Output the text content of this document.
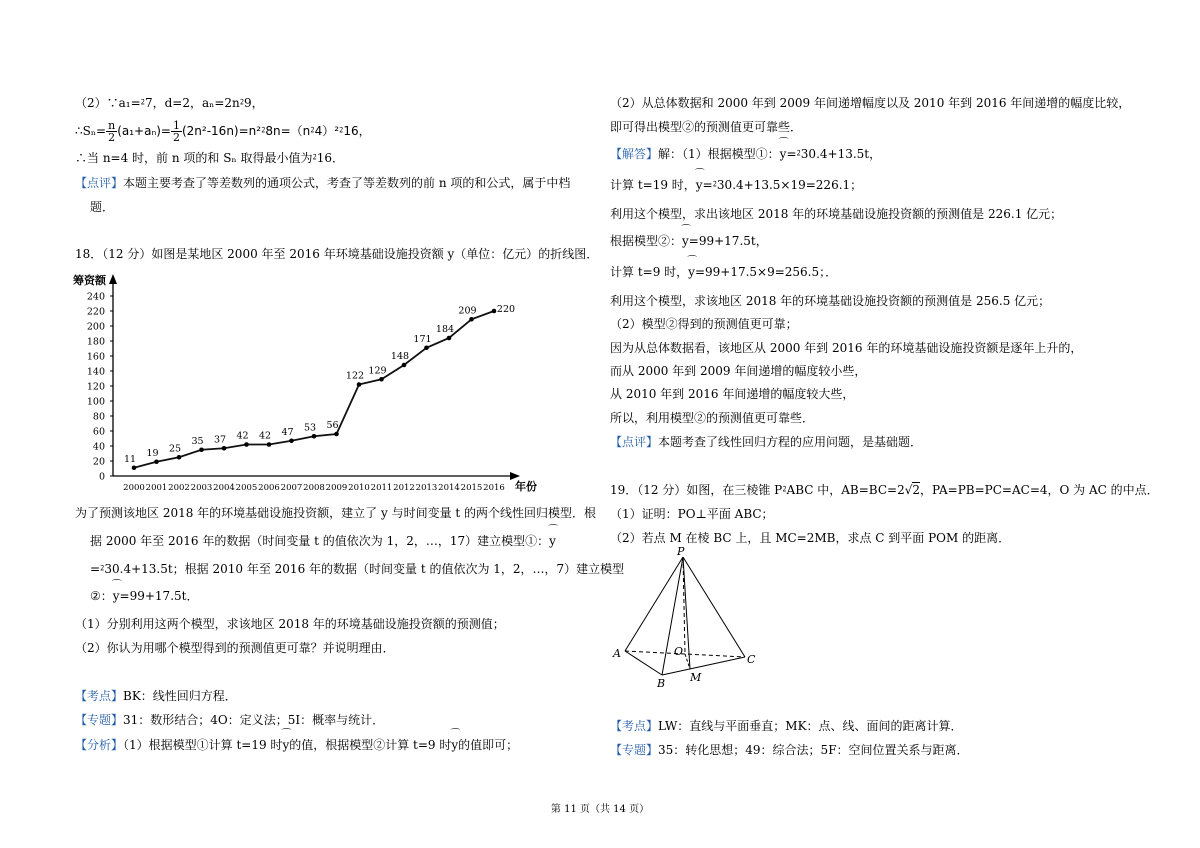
（2）∵a₁=⁲7，d=2，aₙ=2n⁲9，
∴Sₙ= $\frac{n}{2} (a_1+a_n)= \frac{1}{2}$ (2n²-16n)=n²⁲8n=（n⁲4）²⁲16，
∴当 n=4 时，前 n 项的和 Sₙ 取得最小值为⁲16．
【点评】本题主要考查了等差数列的通项公式，考查了等差数列的前 n 项的和公式，属于中档
题．
18．（12 分）如图是某地区 2000 年至 2016 年环境基础设施投资额 y（单位：亿元）的折线图．
筹资额
年份
0
20
40
60
80
100
120
140
160
180
200
220
240
2000 2001 2002 2003 2004 2005 2006 2007 2008 2009 2010 2011 2012 2013 2014 2015 2016
11
19 25
35 37 42 42 47 53 56
122 129
148
171
184
209 220
为了预测该地区 2018 年的环境基础设施投资额，建立了 y 与时间变量 t 的两个线性回归模型．根
据 2000 年至 2016 年的数据（时间变量 t 的值依次为 1，2，…，17）建立模型①：⌒ y
=⁲30.4+13.5t；根据 2010 年至 2016 年的数据（时间变量 t 的值依次为 1，2，…，7）建立模型
②：⌒ y=99+17.5t．
（1）分别利用这两个模型，求该地区 2018 年的环境基础设施投资额的预测值；
（2）你认为用哪个模型得到的预测值更可靠？并说明理由．
【考点】BK：线性回归方程．
【专题】31：数形结合；4O：定义法；5I：概率与统计．
【分析】（1）根据模型①计算 t=19 时⌒ y的值，根据模型②计算 t=9 时⌒ y的值即可；
（2）从总体数据和 2000 年到 2009 年间递增幅度以及 2010 年到 2016 年间递增的幅度比较，
即可得出模型②的预测值更可靠些．
【解答】解：（1）根据模型①：⌒ y=⁲30.4+13.5t，
计算 t=19 时，⌒ y=⁲30.4+13.5×19=226.1；
利用这个模型，求出该地区 2018 年的环境基础设施投资额的预测值是 226.1 亿元；
根据模型②：⌒ y=99+17.5t，
计算 t=9 时，⌒ y=99+17.5×9=256.5；．
利用这个模型，求该地区 2018 年的环境基础设施投资额的预测值是 256.5 亿元；
（2）模型②得到的预测值更可靠；
因为从总体数据看，该地区从 2000 年到 2016 年的环境基础设施投资额是逐年上升的，
而从 2000 年到 2009 年间递增的幅度较小些，
从 2010 年到 2016 年间递增的幅度较大些，
所以，利用模型②的预测值更可靠些．
【点评】本题考查了线性回归方程的应用问题，是基础题．
19．（12 分）如图，在三棱锥 P⁲ABC 中，AB=BC=2√2，PA=PB=PC=AC=4，O 为 AC 的中点．
（1）证明：PO⊥平面 ABC；
（2）若点 M 在棱 BC 上，且 MC=2MB，求点 C 到平面 POM 的距离．
P
A
B
C
O
M
【考点】LW：直线与平面垂直；MK：点、线、面间的距离计算．
【专题】35：转化思想；49：综合法；5F：空间位置关系与距离．
第 11 页（共 14 页）
